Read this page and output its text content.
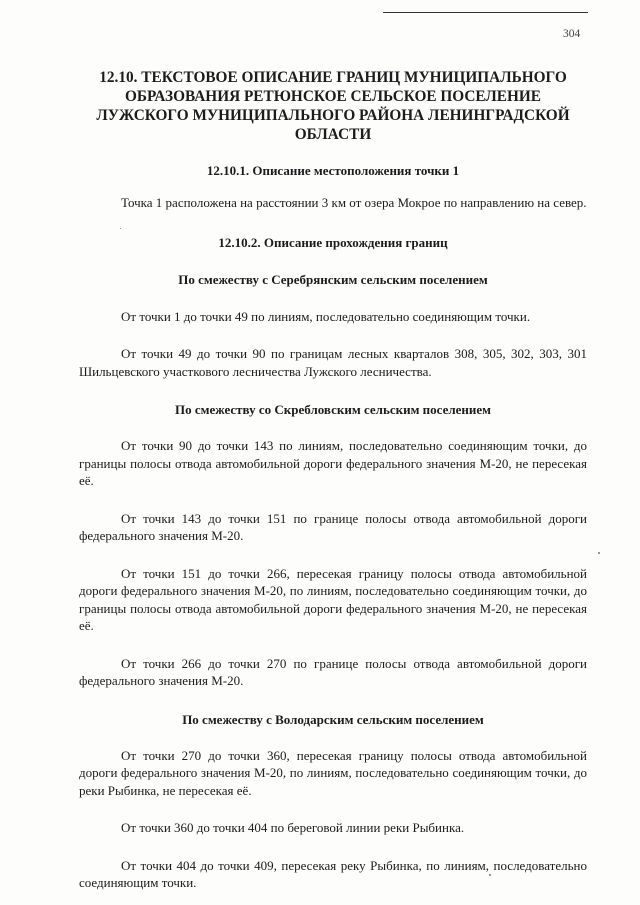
304
12.10. ТЕКСТОВОЕ ОПИСАНИЕ ГРАНИЦ МУНИЦИПАЛЬНОГО ОБРАЗОВАНИЯ РЕТЮНСКОЕ СЕЛЬСКОЕ ПОСЕЛЕНИЕ ЛУЖСКОГО МУНИЦИПАЛЬНОГО РАЙОНА ЛЕНИНГРАДСКОЙ ОБЛАСТИ
12.10.1. Описание местоположения точки 1

Точка 1 расположена на расстоянии 3 км от озера Мокрое по направлению на север.

12.10.2. Описание прохождения границ
По смежеству с Серебрянским сельским поселением

От точки 1 до точки 49 по линиям, последовательно соединяющим точки.

От точки 49 до точки 90 по границам лесных кварталов 308, 305, 302, 303, 301 Шильцевского участкового лесничества Лужского лесничества.

По смежеству со Скребловским сельским поселением

От точки 90 до точки 143 по линиям, последовательно соединяющим точки, до границы полосы отвода автомобильной дороги федерального значения М-20, не пересекая её.

От точки 143 до точки 151 по границе полосы отвода автомобильной дороги федерального значения М-20.

От точки 151 до точки 266, пересекая границу полосы отвода автомобильной дороги федерального значения М-20, по линиям, последовательно соединяющим точки, до границы полосы отвода автомобильной дороги федерального значения М-20, не пересекая её.

От точки 266 до точки 270 по границе полосы отвода автомобильной дороги федерального значения М-20.

По смежеству с Володарским сельским поселением

От точки 270 до точки 360, пересекая границу полосы отвода автомобильной дороги федерального значения М-20, по линиям, последовательно соединяющим точки, до реки Рыбинка, не пересекая её.

От точки 360 до точки 404 по береговой линии реки Рыбинка.

От точки 404 до точки 409, пересекая реку Рыбинка, по линиям, последовательно соединяющим точки.
